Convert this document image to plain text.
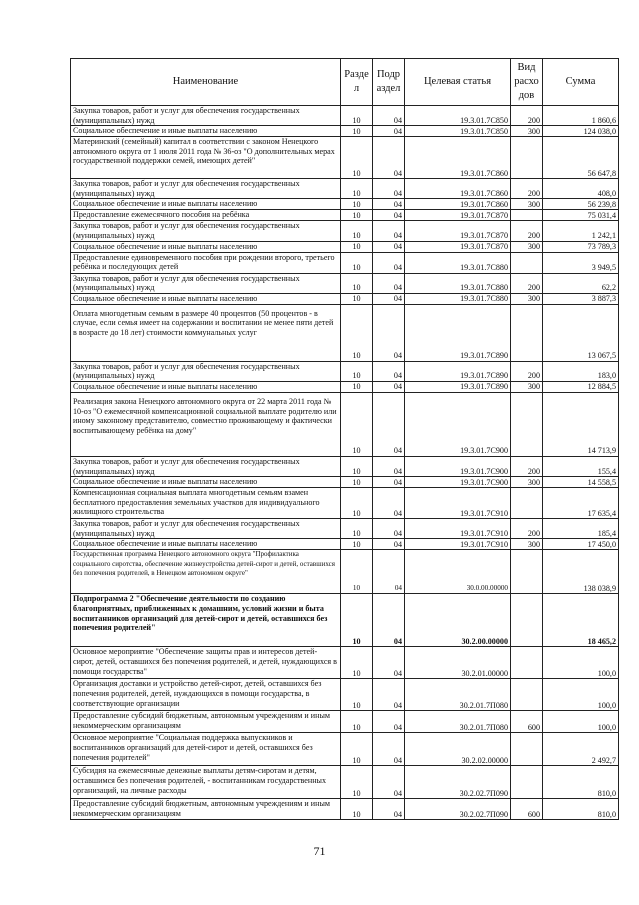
Наименование	Разде л	Подр аздел	Целевая статья	Вид расхо дов	Сумма
Закупка товаров, работ и услуг для обеспечения государственных (муниципальных) нужд	10	04	19.3.01.7C850	200	1 860,6
Социальное обеспечение и иные выплаты населению	10	04	19.3.01.7C850	300	124 038,0
Материнский (семейный) капитал в соответствии с законом Ненецкого автономного округа от 1 июля 2011 года № 36-оз "О дополнительных мерах государственной поддержки семей, имеющих детей"	10	04	19.3.01.7C860		56 647,8
Закупка товаров, работ и услуг для обеспечения государственных (муниципальных) нужд	10	04	19.3.01.7C860	200	408,0
Социальное обеспечение и иные выплаты населению	10	04	19.3.01.7C860	300	56 239,8
Предоставление ежемесячного пособия на ребёнка	10	04	19.3.01.7C870		75 031,4
Закупка товаров, работ и услуг для обеспечения государственных (муниципальных) нужд	10	04	19.3.01.7C870	200	1 242,1
Социальное обеспечение и иные выплаты населению	10	04	19.3.01.7C870	300	73 789,3
Предоставление единовременного пособия при рождении второго, третьего ребёнка и последующих детей	10	04	19.3.01.7C880		3 949,5
Закупка товаров, работ и услуг для обеспечения государственных (муниципальных) нужд	10	04	19.3.01.7C880	200	62,2
Социальное обеспечение и иные выплаты населению	10	04	19.3.01.7C880	300	3 887,3
Оплата многодетным семьям в размере 40 процентов (50 процентов - в случае, если семья имеет на содержании и воспитании не менее пяти детей в возрасте до 18 лет) стоимости коммунальных услуг	10	04	19.3.01.7C890		13 067,5
Закупка товаров, работ и услуг для обеспечения государственных (муниципальных) нужд	10	04	19.3.01.7C890	200	183,0
Социальное обеспечение и иные выплаты населению	10	04	19.3.01.7C890	300	12 884,5
Реализация закона Ненецкого автономного округа от 22 марта 2011 года № 10-оз "О ежемесячной компенсационной социальной выплате родителю или иному законному представителю, совместно проживающему и фактически воспитывающему ребёнка на дому"	10	04	19.3.01.7C900		14 713,9
Закупка товаров, работ и услуг для обеспечения государственных (муниципальных) нужд	10	04	19.3.01.7C900	200	155,4
Социальное обеспечение и иные выплаты населению	10	04	19.3.01.7C900	300	14 558,5
Компенсационная социальная выплата многодетным семьям взамен бесплатного предоставления земельных участков для индивидуального жилищного строительства	10	04	19.3.01.7C910		17 635,4
Закупка товаров, работ и услуг для обеспечения государственных (муниципальных) нужд	10	04	19.3.01.7C910	200	185,4
Социальное обеспечение и иные выплаты населению	10	04	19.3.01.7C910	300	17 450,0
Государственная программа Ненецкого автономного округа "Профилактика социального сиротства, обеспечение жизнеустройства детей-сирот и детей, оставшихся без попечения родителей, в Ненецком автономном округе"	10	04	30.0.00.00000		138 038,9
Подпрограмма 2 "Обеспечение деятельности по созданию благоприятных, приближенных к домашним, условий жизни и быта воспитанников организаций для детей-сирот и детей, оставшихся без попечения родителей"	10	04	30.2.00.00000		18 465,2
Основное мероприятие "Обеспечение защиты прав и интересов детей-сирот, детей, оставшихся без попечения родителей, и детей, нуждающихся в помощи государства"	10	04	30.2.01.00000		100,0
Организация доставки и устройство детей-сирот, детей, оставшихся без попечения родителей, детей, нуждающихся в помощи государства, в соответствующие организации	10	04	30.2.01.7П080		100,0
Предоставление субсидий бюджетным, автономным учреждениям и иным некоммерческим организациям	10	04	30.2.01.7П080	600	100,0
Основное мероприятие "Социальная поддержка выпускников и воспитанников организаций для детей-сирот и детей, оставшихся без попечения родителей"	10	04	30.2.02.00000		2 492,7
Субсидия на ежемесячные денежные выплаты детям-сиротам и детям, оставшимся без попечения родителей, - воспитанникам государственных организаций, на личные расходы	10	04	30.2.02.7П090		810,0
Предоставление субсидий бюджетным, автономным учреждениям и иным некоммерческим организациям	10	04	30.2.02.7П090	600	810,0
71
